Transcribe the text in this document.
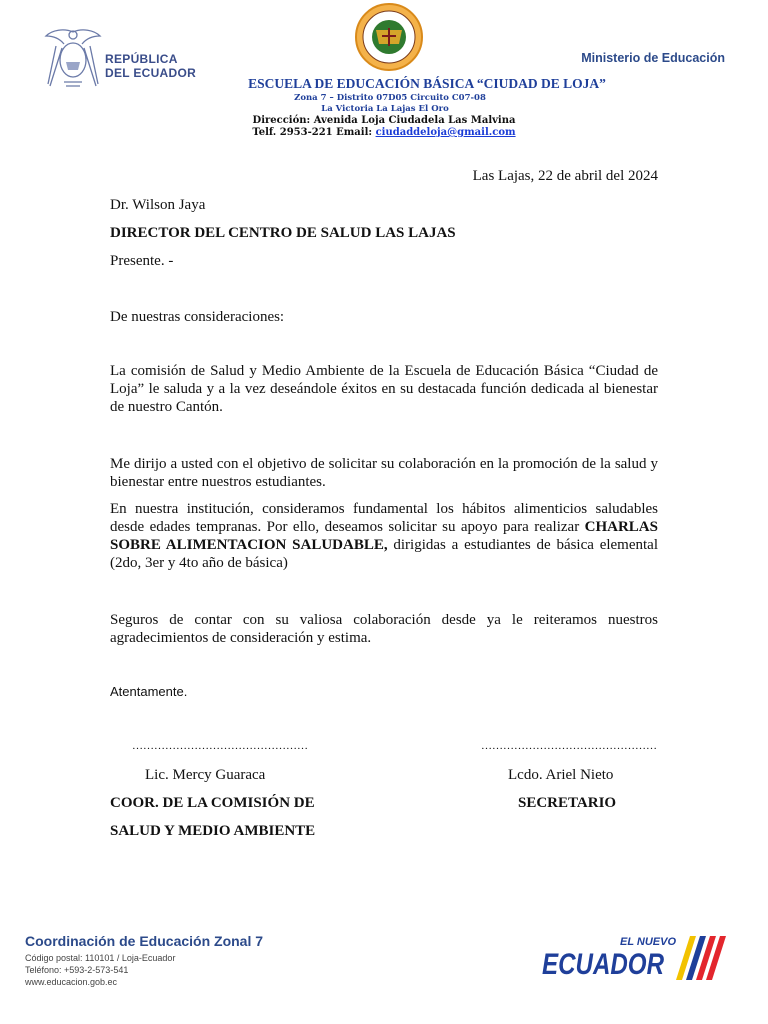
REPÚBLICA
DEL ECUADOR
Ministerio de Educación
ESCUELA DE EDUCACIÓN BÁSICA “CIUDAD DE LOJA”
Zona 7 – Distrito 07D05 Circuito C07-08
La Victoria La Lajas El Oro
Dirección: Avenida Loja Ciudadela Las Malvina
Telf. 2953-221 Email: ciudaddeloja@gmail.com
Las Lajas, 22 de abril del 2024
Dr. Wilson Jaya
DIRECTOR DEL CENTRO DE SALUD LAS LAJAS
Presente. -
De nuestras consideraciones:
La comisión de Salud y Medio Ambiente de la Escuela de Educación Básica “Ciudad de Loja” le saluda y a la vez deseándole éxitos en su destacada función dedicada al bienestar de nuestro Cantón.
Me dirijo a usted con el objetivo de solicitar su colaboración en la promoción de la salud y bienestar entre nuestros estudiantes.
En nuestra institución, consideramos fundamental los hábitos alimenticios saludables desde edades tempranas. Por ello, deseamos solicitar su apoyo para realizar CHARLAS SOBRE ALIMENTACION SALUDABLE, dirigidas a estudiantes de básica elemental (2do, 3er y 4to año de básica)
Seguros de contar con su valiosa colaboración desde ya le reiteramos nuestros agradecimientos de consideración y estima.
Atentamente.
…………………………………………	…………………………………………
Lic. Mercy Guaraca	Lcdo. Ariel Nieto
COOR. DE LA COMISIÓN DE	SECRETARIO
SALUD Y MEDIO AMBIENTE
Coordinación de Educación Zonal 7
Código postal: 110101 / Loja-Ecuador
Teléfono: +593-2-573-541
www.educacion.gob.ec
EL NUEVO
ECUADOR
